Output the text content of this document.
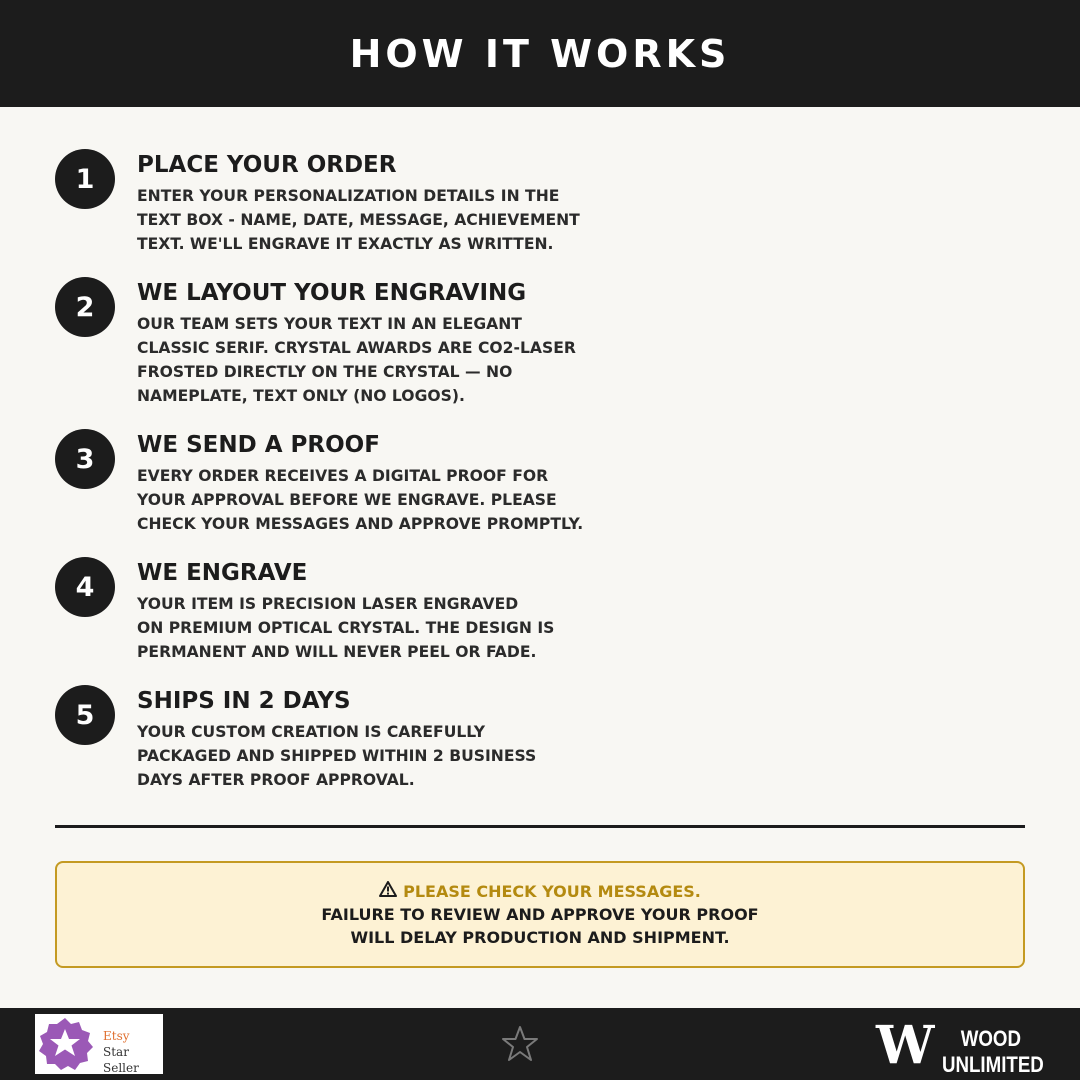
HOW IT WORKS
1	PLACE YOUR ORDER
ENTER YOUR PERSONALIZATION DETAILS IN THE
TEXT BOX - NAME, DATE, MESSAGE, ACHIEVEMENT
TEXT. WE'LL ENGRAVE IT EXACTLY AS WRITTEN.
2	WE LAYOUT YOUR ENGRAVING
OUR TEAM SETS YOUR TEXT IN AN ELEGANT
CLASSIC SERIF. CRYSTAL AWARDS ARE CO2-LASER
FROSTED DIRECTLY ON THE CRYSTAL — NO
NAMEPLATE, TEXT ONLY (NO LOGOS).
3	WE SEND A PROOF
EVERY ORDER RECEIVES A DIGITAL PROOF FOR
YOUR APPROVAL BEFORE WE ENGRAVE. PLEASE
CHECK YOUR MESSAGES AND APPROVE PROMPTLY.
4	WE ENGRAVE
YOUR ITEM IS PRECISION LASER ENGRAVED
ON PREMIUM OPTICAL CRYSTAL. THE DESIGN IS
PERMANENT AND WILL NEVER PEEL OR FADE.
5	SHIPS IN 2 DAYS
YOUR CUSTOM CREATION IS CAREFULLY
PACKAGED AND SHIPPED WITHIN 2 BUSINESS
DAYS AFTER PROOF APPROVAL.
PLEASE CHECK YOUR MESSAGES.
FAILURE TO REVIEW AND APPROVE YOUR PROOF
WILL DELAY PRODUCTION AND SHIPMENT.
Etsy
Star Seller	W	WOOD
UNLIMITED
